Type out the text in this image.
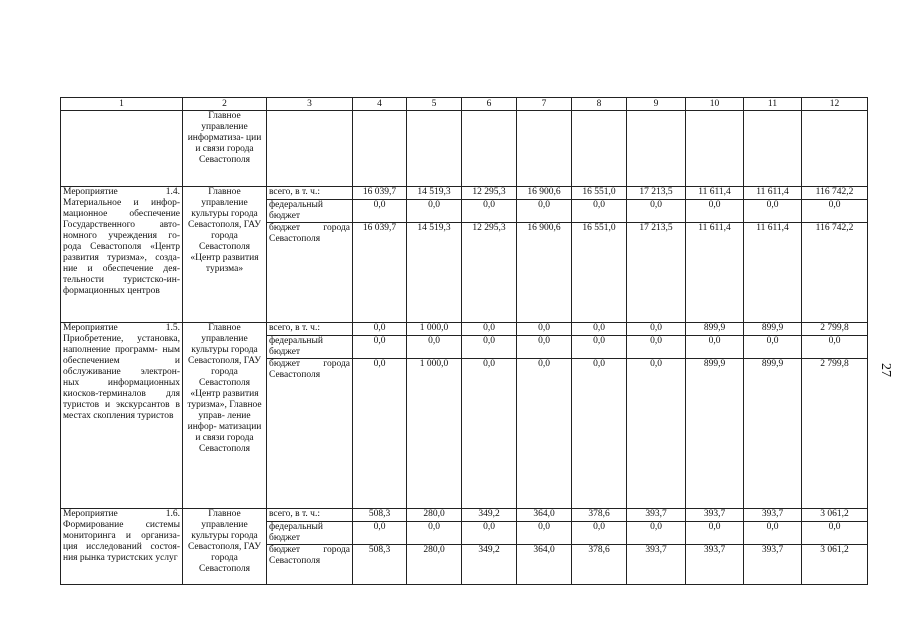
1	2	3	4	5	6	7	8	9	10	11	12
	Главное управление информатиза- ции и связи города Севастополя										
Мероприятие 1.4. Материальное и инфор- мационное обеспечение Государственного авто- номного учреждения го- рода Севастополя «Центр развития туризма», созда- ние и обеспечение дея- тельности туристско-ин- формационных центров	Главное управление культуры города Севастополя, ГАУ города Севастополя «Центр развития туризма»	всего, в т. ч.:	16 039,7	14 519,3	12 295,3	16 900,6	16 551,0	17 213,5	11 611,4	11 611,4	116 742,2
		федеральный бюджет	0,0	0,0	0,0	0,0	0,0	0,0	0,0	0,0	0,0
		бюджет города Севастополя	16 039,7	14 519,3	12 295,3	16 900,6	16 551,0	17 213,5	11 611,4	11 611,4	116 742,2

Мероприятие 1.5. Приобретение, установка, наполнение программ- ным обеспечением и обслуживание электрон- ных информационных киосков-терминалов для туристов и экскурсантов в местах скопления туристов	Главное управление культуры города Севастополя, ГАУ города Севастополя «Центр развития туризма», Главное управ- ление инфор- матизации и связи города Севастополя	всего, в т. ч.:	0,0	1 000,0	0,0	0,0	0,0	0,0	899,9	899,9	2 799,8
		федеральный бюджет	0,0	0,0	0,0	0,0	0,0	0,0	0,0	0,0	0,0
		бюджет города Севастополя	0,0	1 000,0	0,0	0,0	0,0	0,0	899,9	899,9	2 799,8

Мероприятие 1.6. Формирование системы мониторинга и организа- ция исследований состоя- ния рынка туристских услуг	Главное управление культуры города Севастополя, ГАУ города Севастополя	всего, в т. ч.:	508,3	280,0	349,2	364,0	378,6	393,7	393,7	393,7	3 061,2
		федеральный бюджет	0,0	0,0	0,0	0,0	0,0	0,0	0,0	0,0	0,0
		бюджет города Севастополя	508,3	280,0	349,2	364,0	378,6	393,7	393,7	393,7	3 061,2
27
